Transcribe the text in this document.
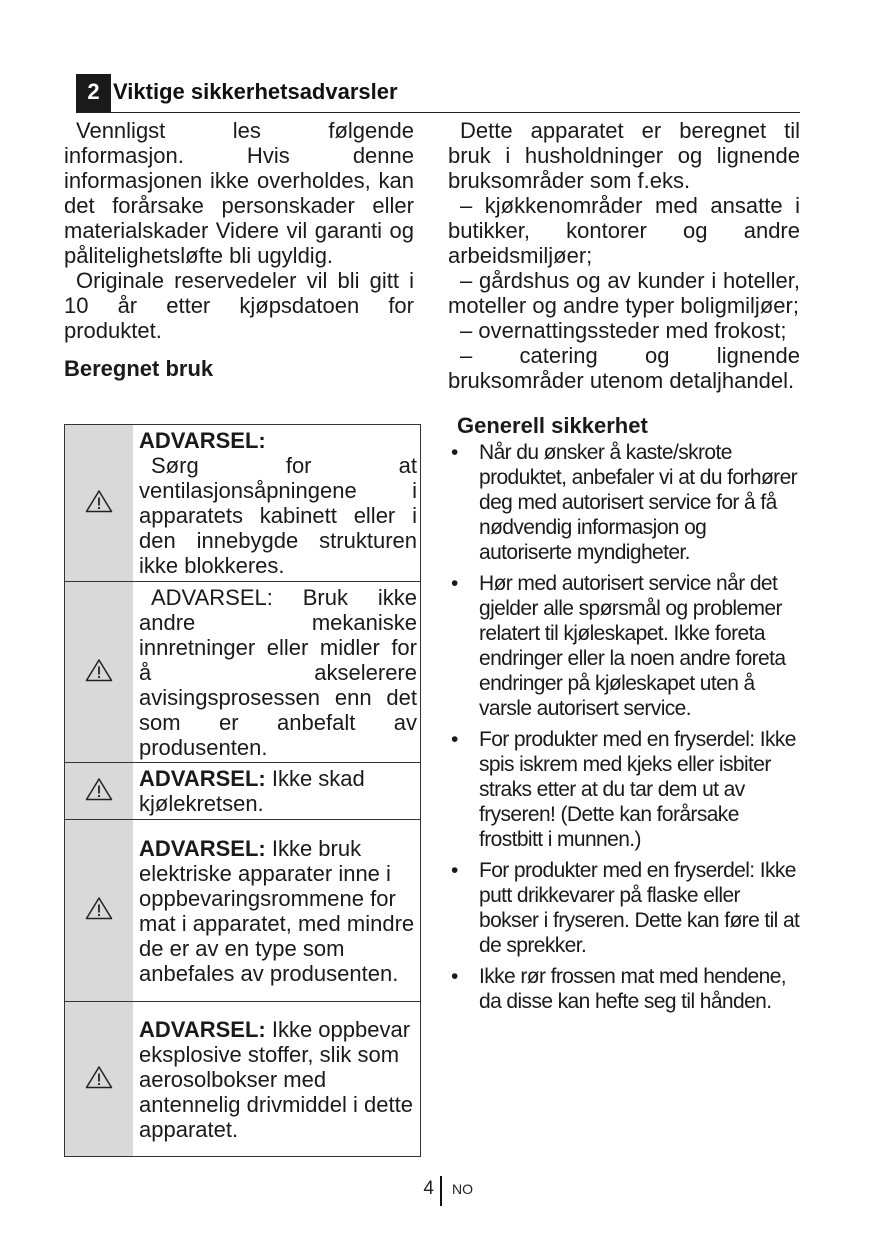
2 Viktige sikkerhetsadvarsler

Vennligst les følgende informasjon. Hvis denne informasjonen ikke overholdes, kan det forårsake personskader eller materialskader Videre vil garanti og pålitelighetsløfte bli ugyldig.

Originale reservedeler vil bli gitt i 10 år etter kjøpsdatoen for produktet.

Beregnet bruk

ADVARSEL:
Sørg for at ventilasjonsåpningene i apparatets kabinett eller i den innebygde strukturen ikke blokkeres.

ADVARSEL: Bruk ikke andre mekaniske innretninger eller midler for å akselerere avisingsprosessen enn det som er anbefalt av produsenten.

ADVARSEL: Ikke skad kjølekretsen.

ADVARSEL: Ikke bruk elektriske apparater inne i oppbevaringsrommene for mat i apparatet, med mindre de er av en type som anbefales av produsenten.

ADVARSEL: Ikke oppbevar eksplosive stoffer, slik som aerosolbokser med antennelig drivmiddel i dette apparatet.

Dette apparatet er beregnet til bruk i husholdninger og lignende bruksområder som f.eks.

– kjøkkenområder med ansatte i butikker, kontorer og andre arbeidsmiljøer;

– gårdshus og av kunder i hoteller, moteller og andre typer boligmiljøer;

– overnattingssteder med frokost;

– catering og lignende bruksområder utenom detaljhandel.

Generell sikkerhet

• Når du ønsker å kaste/skrote produktet, anbefaler vi at du forhører deg med autorisert service for å få nødvendig informasjon og autoriserte myndigheter.
• Hør med autorisert service når det gjelder alle spørsmål og problemer relatert til kjøleskapet. Ikke foreta endringer eller la noen andre foreta endringer på kjøleskapet uten å varsle autorisert service.
• For produkter med en fryserdel: Ikke spis iskrem med kjeks eller isbiter straks etter at du tar dem ut av fryseren! (Dette kan forårsake frostbitt i munnen.)
• For produkter med en fryserdel: Ikke putt drikkevarer på flaske eller bokser i fryseren. Dette kan føre til at de sprekker.
• Ikke rør frossen mat med hendene, da disse kan hefte seg til hånden.
4 NO
